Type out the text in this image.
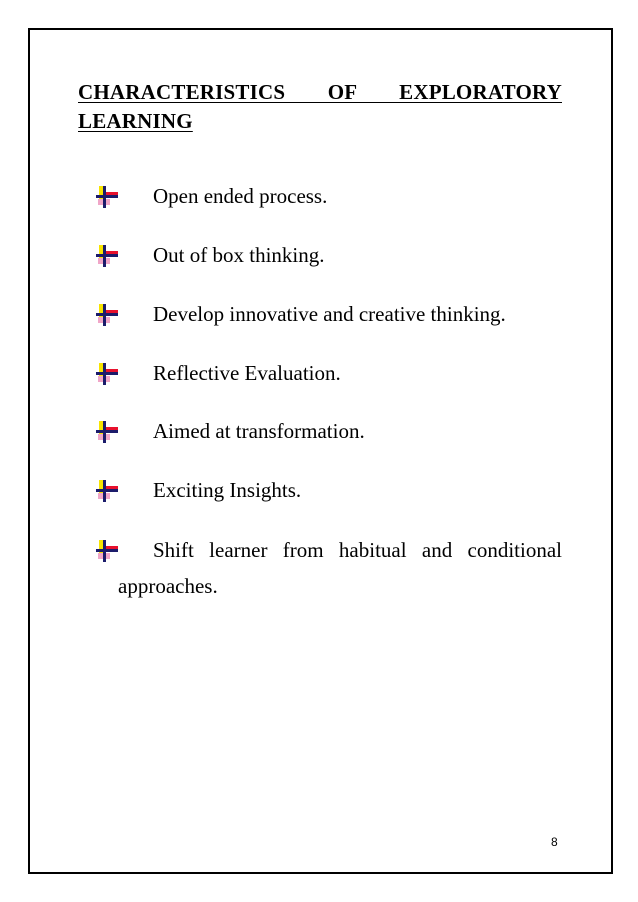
CHARACTERISTICS OF EXPLORATORY LEARNING
Open ended process.
Out of box thinking.
Develop innovative and creative thinking.
Reflective Evaluation.
Aimed at transformation.
Exciting Insights.
Shift learner from habitual and conditional approaches.
8
